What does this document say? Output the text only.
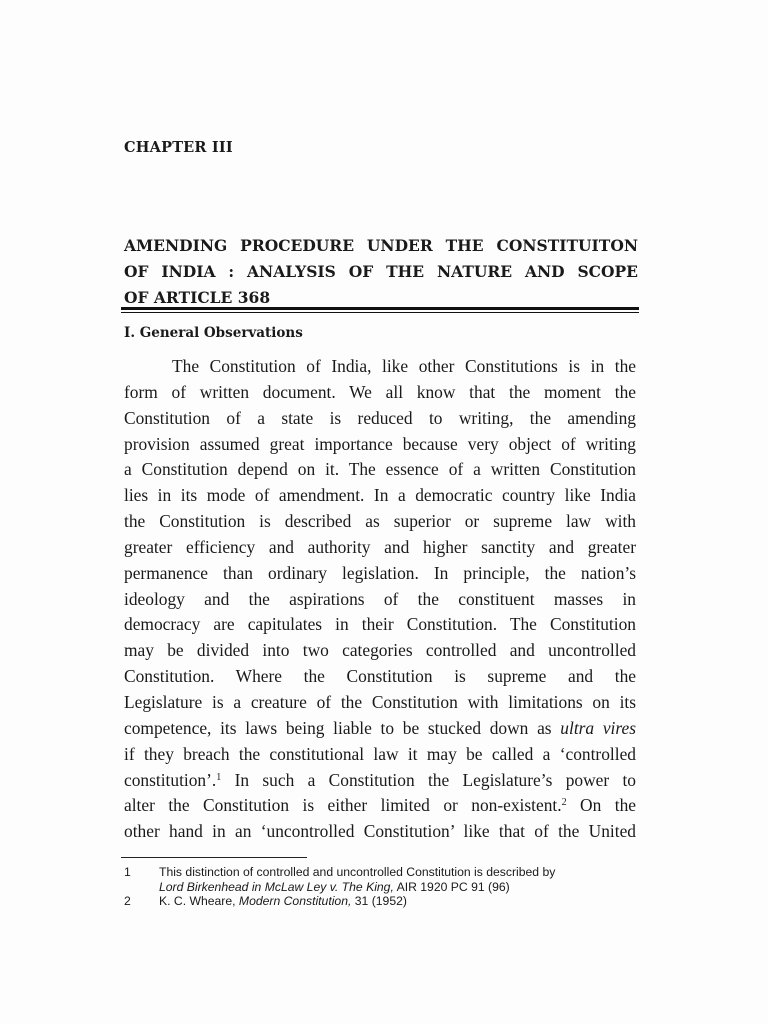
CHAPTER III
AMENDING PROCEDURE UNDER THE CONSTITUITON
OF INDIA : ANALYSIS OF THE NATURE AND SCOPE
OF ARTICLE 368
I. General Observations
The Constitution of India, like other Constitutions is in the
form of written document. We all know that the moment the
Constitution of a state is reduced to writing, the amending
provision assumed great importance because very object of writing
a Constitution depend on it. The essence of a written Constitution
lies in its mode of amendment. In a democratic country like India
the Constitution is described as superior or supreme law with
greater efficiency and authority and higher sanctity and greater
permanence than ordinary legislation. In principle, the nation’s
ideology and the aspirations of the constituent masses in
democracy are capitulates in their Constitution. The Constitution
may be divided into two categories controlled and uncontrolled
Constitution. Where the Constitution is supreme and the
Legislature is a creature of the Constitution with limitations on its
competence, its laws being liable to be stucked down as ultra vires
if they breach the constitutional law it may be called a ‘controlled
constitution’.$^1$ In such a Constitution the Legislature’s power to
alter the Constitution is either limited or non-existent.$^2$ On the
other hand in an ‘uncontrolled Constitution’ like that of the United
1	This distinction of controlled and uncontrolled Constitution is described by
Lord Birkenhead in McLaw Ley v. The King, AIR 1920 PC 91 (96)
2	K. C. Wheare, Modern Constitution, 31 (1952)
